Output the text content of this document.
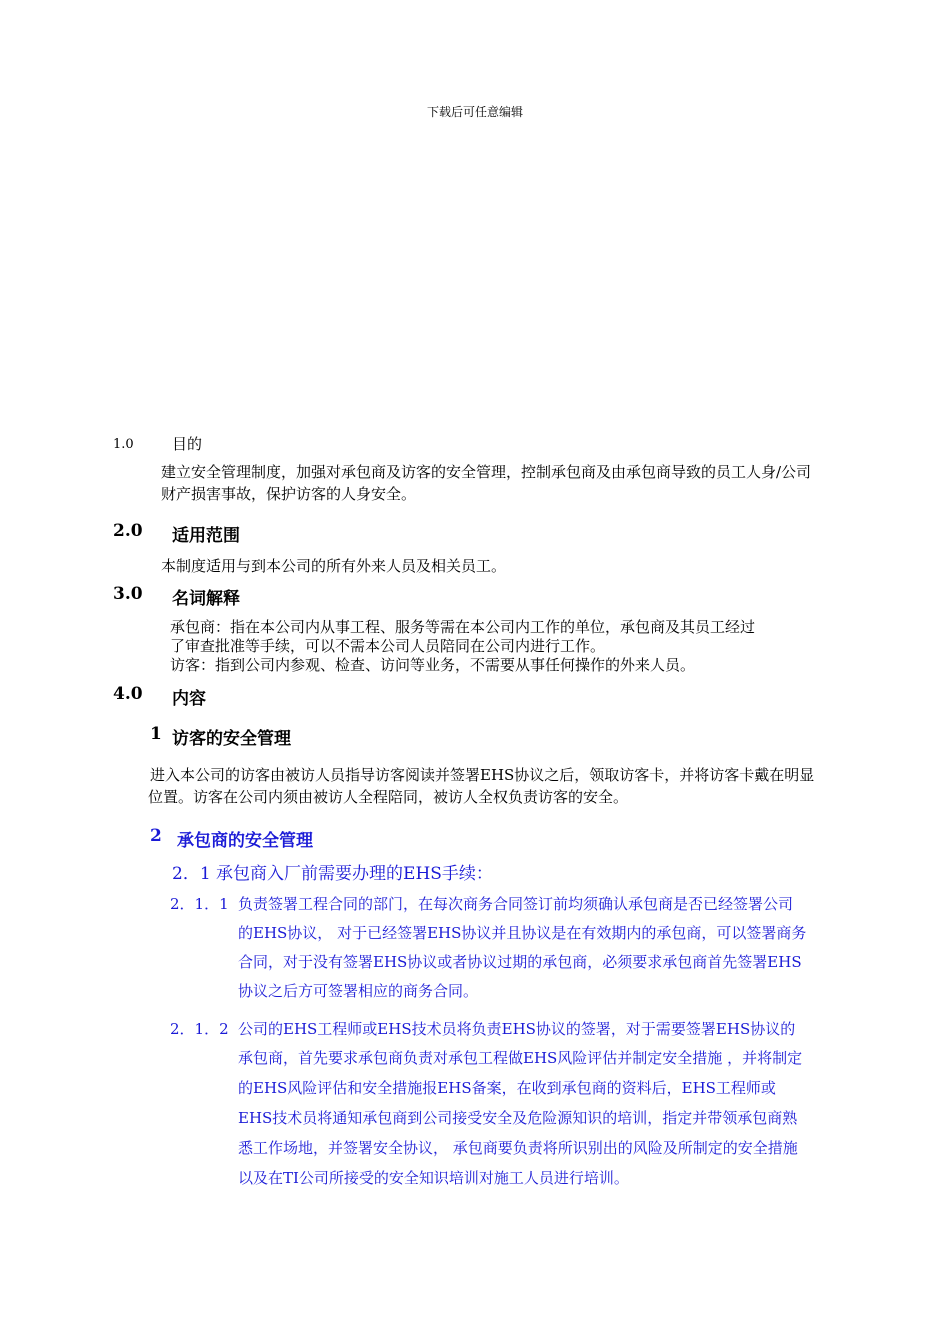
下载后可任意编辑
1.0	目的
建立安全管理制度，加强对承包商及访客的安全管理，控制承包商及由承包商导致的员工人身/公司
财产损害事故，保护访客的人身安全。
2.0 适用范围
本制度适用与到本公司的所有外来人员及相关员工。
3.0 名词解释
承包商：指在本公司内从事工程、服务等需在本公司内工作的单位，承包商及其员工经过
了审查批准等手续，可以不需本公司人员陪同在公司内进行工作。
访客：指到公司内参观、检查、访问等业务，不需要从事任何操作的外来人员。
4.0 内容
1 访客的安全管理
进入本公司的访客由被访人员指导访客阅读并签署EHS协议之后，领取访客卡，并将访客卡戴在明显
位置。访客在公司内须由被访人全程陪同，被访人全权负责访客的安全。
2 承包商的安全管理
2．1 承包商入厂前需要办理的EHS手续：
2．1．1 负责签署工程合同的部门，在每次商务合同签订前均须确认承包商是否已经签署公司
的EHS协议， 对于已经签署EHS协议并且协议是在有效期内的承包商，可以签署商务
合同，对于没有签署EHS协议或者协议过期的承包商，必须要求承包商首先签署EHS
协议之后方可签署相应的商务合同。
2．1．2 公司的EHS工程师或EHS技术员将负责EHS协议的签署，对于需要签署EHS协议的
承包商，首先要求承包商负责对承包工程做EHS风险评估并制定安全措施 ，并将制定
的EHS风险评估和安全措施报EHS备案，在收到承包商的资料后，EHS工程师或
EHS技术员将通知承包商到公司接受安全及危险源知识的培训，指定并带领承包商熟
悉工作场地，并签署安全协议， 承包商要负责将所识别出的风险及所制定的安全措施
以及在TI公司所接受的安全知识培训对施工人员进行培训。
